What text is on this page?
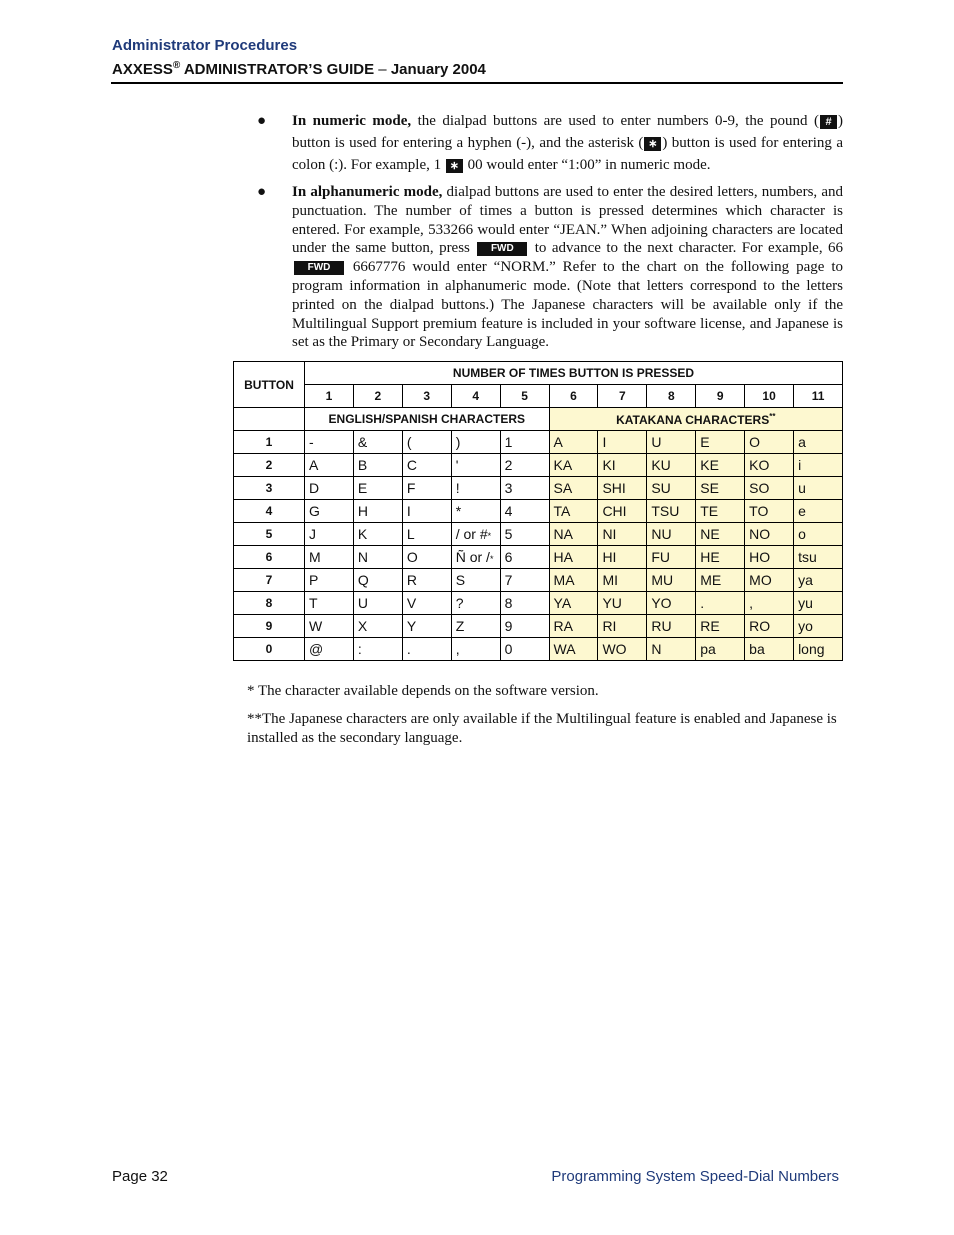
Administrator Procedures
AXXESS® ADMINISTRATOR’S GUIDE – January 2004
● In numeric mode, the dialpad buttons are used to enter numbers 0-9, the pound ( # ) button is used for entering a hyphen (-), and the asterisk ( ∗ ) button is used for entering a colon (:). For example, 1 ∗ 00 would enter “1:00” in numeric mode.
● In alphanumeric mode, dialpad buttons are used to enter the desired letters, numbers, and punctuation. The number of times a button is pressed determines which character is entered. For example, 533266 would enter “JEAN.” When adjoining characters are located under the same button, press FWD to advance to the next character. For example, 66 FWD 6667776 would enter “NORM.” Refer to the chart on the following page to program information in alphanumeric mode. (Note that letters correspond to the letters printed on the dialpad buttons.) The Japanese characters will be available only if the Multilingual Support premium feature is included in your software license, and Japanese is set as the Primary or Secondary Language.
BUTTON	NUMBER OF TIMES BUTTON IS PRESSED										
	1	2	3	4	5	6	7	8	9	10	11
	ENGLISH/SPANISH CHARACTERS					KATAKANA CHARACTERS**
1	-	&	(	)	1	A	I	U	E	O	a
2	A	B	C	'	2	KA	KI	KU	KE	KO	i
3	D	E	F	!	3	SA	SHI	SU	SE	SO	u
4	G	H	I	*	4	TA	CHI	TSU	TE	TO	e
5	J	K	L	/ or #*	5	NA	NI	NU	NE	NO	o
6	M	N	O	Ñ or /*	6	HA	HI	FU	HE	HO	tsu
7	P	Q	R	S	7	MA	MI	MU	ME	MO	ya
8	T	U	V	?	8	YA	YU	YO	.	,	yu
9	W	X	Y	Z	9	RA	RI	RU	RE	RO	yo
0	@	:	.	,	0	WA	WO	N	pa	ba	long
* The character available depends on the software version.
**The Japanese characters are only available if the Multilingual feature is enabled and Japanese is installed as the secondary language.
Page 32	Programming System Speed-Dial Numbers
